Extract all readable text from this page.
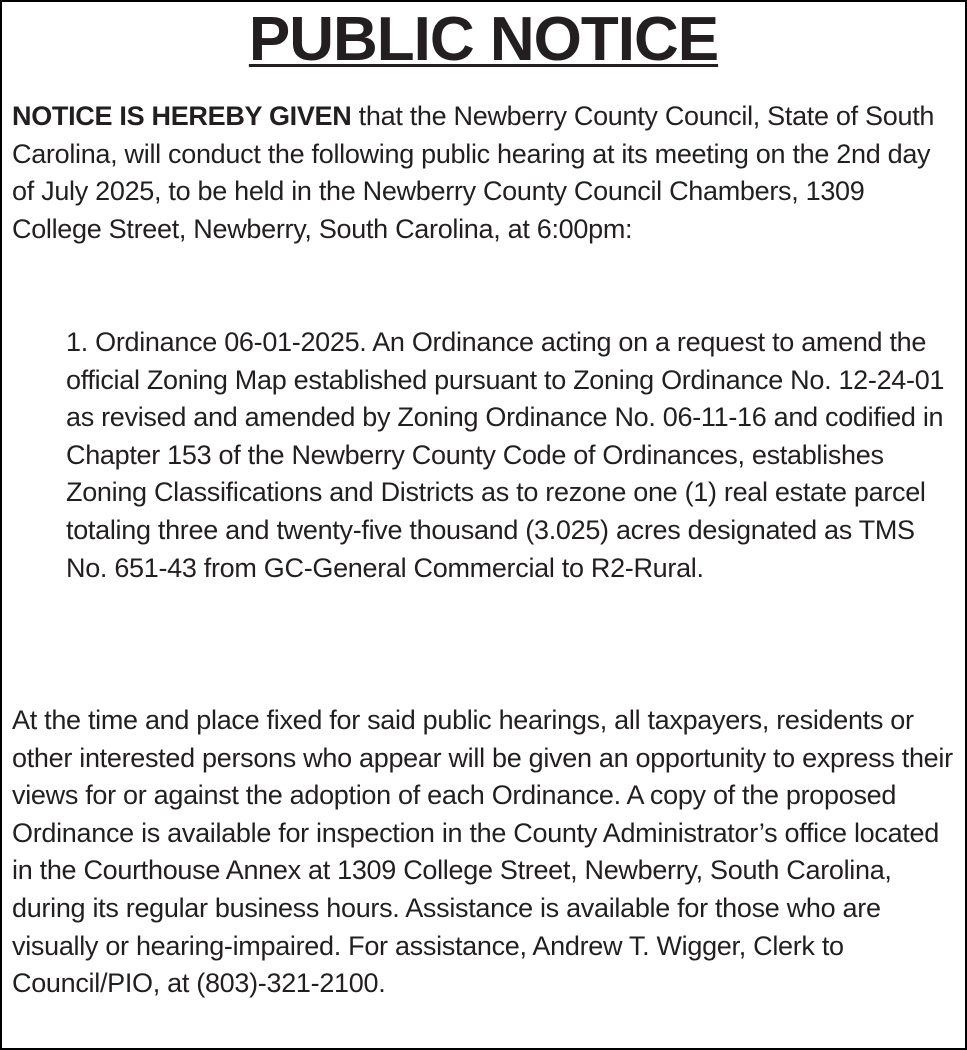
PUBLIC NOTICE

NOTICE IS HEREBY GIVEN that the Newberry County Council, State of South Carolina, will conduct the following public hearing at its meeting on the 2nd day of July 2025, to be held in the Newberry County Council Chambers, 1309 College Street, Newberry, South Carolina, at 6:00pm:

1. Ordinance 06-01-2025. An Ordinance acting on a request to amend the official Zoning Map established pursuant to Zoning Ordinance No. 12-24-01 as revised and amended by Zoning Ordinance No. 06-11-16 and codified in Chapter 153 of the Newberry County Code of Ordinances, establishes Zoning Classifications and Districts as to rezone one (1) real estate parcel totaling three and twenty-five thousand (3.025) acres designated as TMS No. 651-43 from GC-General Commercial to R2-Rural.

At the time and place fixed for said public hearings, all taxpayers, residents or other interested persons who appear will be given an opportunity to express their views for or against the adoption of each Ordinance. A copy of the proposed Ordinance is available for inspection in the County Administrator’s office located in the Courthouse Annex at 1309 College Street, Newberry, South Carolina, during its regular business hours. Assistance is available for those who are visually or hearing-impaired. For assistance, Andrew T. Wigger, Clerk to Council/PIO, at (803)-321-2100.
